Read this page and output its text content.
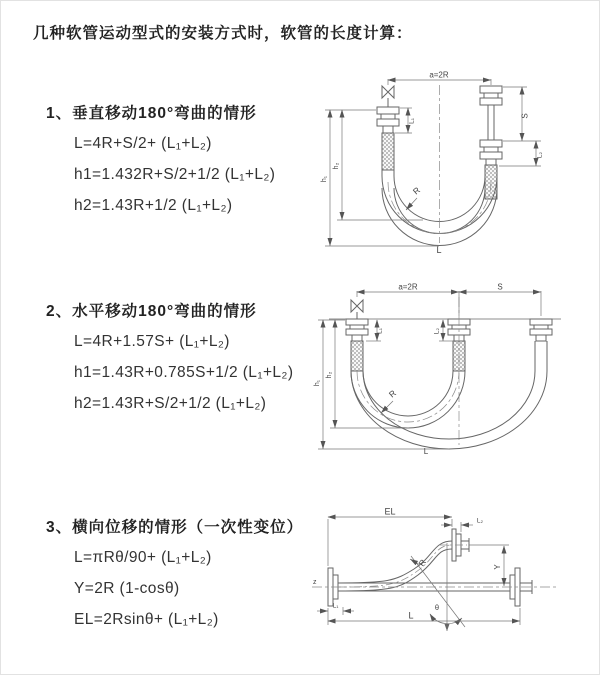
几种软管运动型式的安装方式时，软管的长度计算：
1、垂直移动180°弯曲的情形
L=4R+S/2+ (L₁+L₂)
h1=1.432R+S/2+1/2 (L₁+L₂)
h2=1.43R+1/2 (L₁+L₂)
2、水平移动180°弯曲的情形
L=4R+1.57S+ (L₁+L₂)
h1=1.43R+0.785S+1/2 (L₁+L₂)
h2=1.43R+S/2+1/2 (L₁+L₂)
3、横向位移的情形（一次性变位）
L=πRθ/90+ (L₁+L₂)
Y=2R (1-cosθ)
EL=2Rsinθ+ (L₁+L₂)
a=2R
S
L₂
L₁
h₁
h₂
R
L
a=2R	S
L₁	L₂
h₁
h₂
R
L
EL
L₂
Y
R
θ
L
L₁
z
